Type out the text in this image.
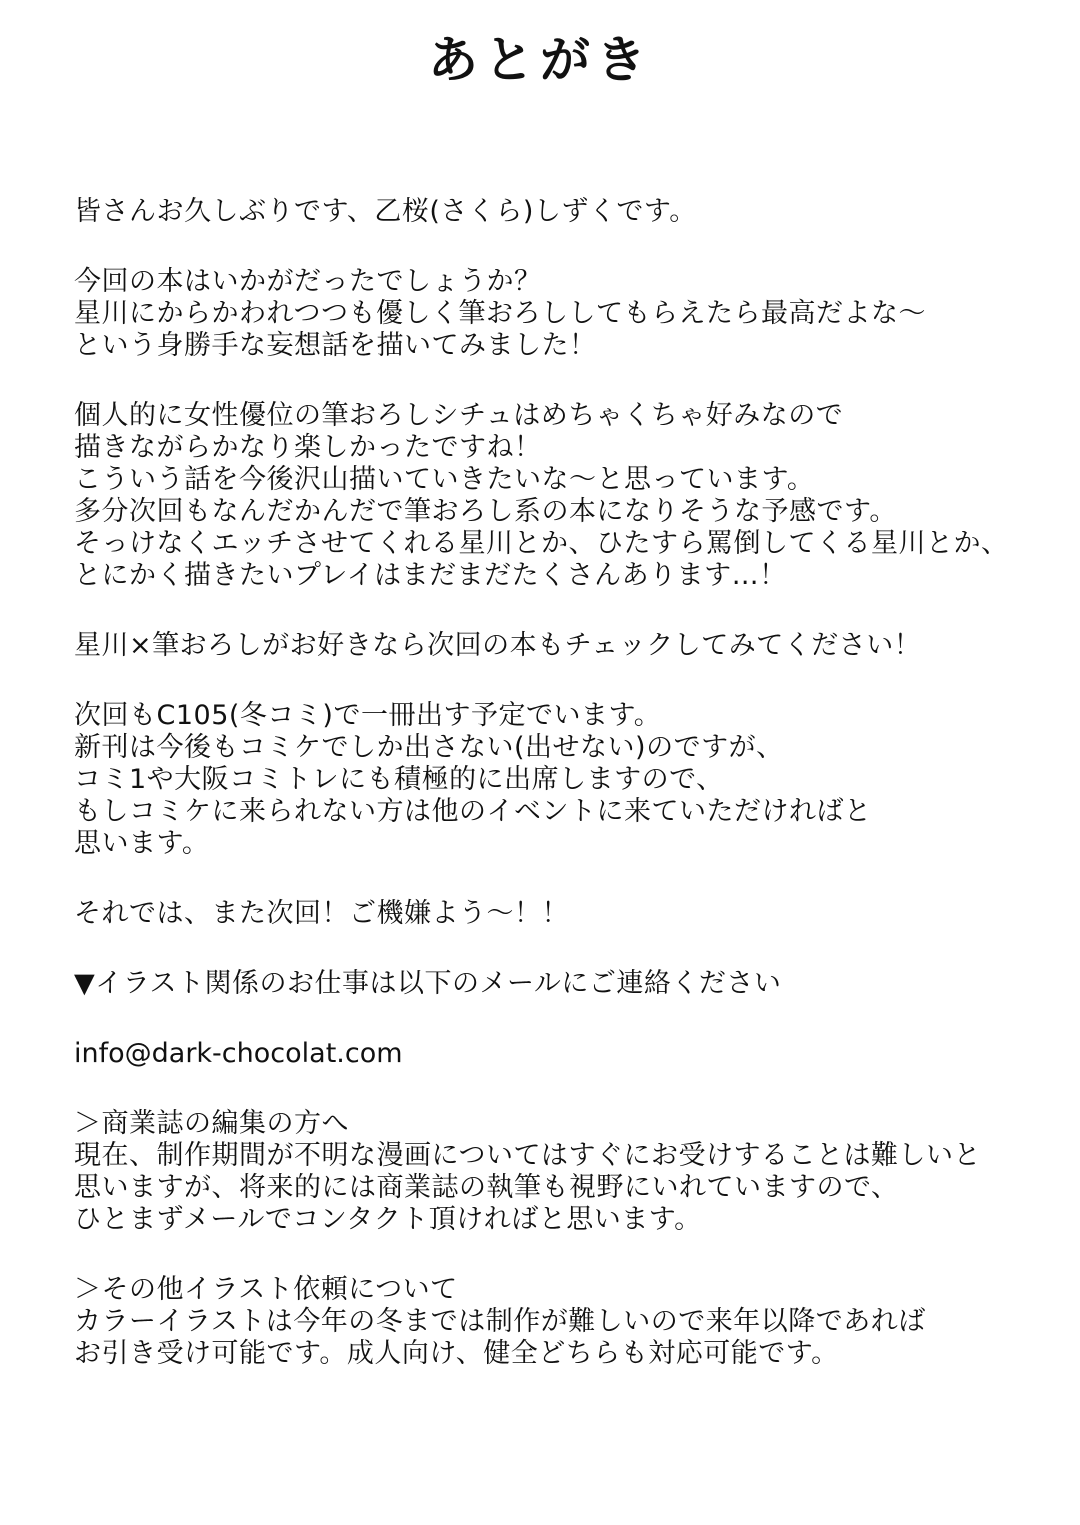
あとがき
皆さんお久しぶりです、乙桜(さくら)しずくです。
今回の本はいかがだったでしょうか？
星川にからかわれつつも優しく筆おろししてもらえたら最高だよな～
という身勝手な妄想話を描いてみました！
個人的に女性優位の筆おろしシチュはめちゃくちゃ好みなので
描きながらかなり楽しかったですね！
こういう話を今後沢山描いていきたいな～と思っています。
多分次回もなんだかんだで筆おろし系の本になりそうな予感です。
そっけなくエッチさせてくれる星川とか、ひたすら罵倒してくる星川とか、
とにかく描きたいプレイはまだまだたくさんあります…！
星川×筆おろしがお好きなら次回の本もチェックしてみてください！
次回もC105(冬コミ)で一冊出す予定でいます。
新刊は今後もコミケでしか出さない(出せない)のですが、
コミ1や大阪コミトレにも積極的に出席しますので、
もしコミケに来られない方は他のイベントに来ていただければと
思います。
それでは、また次回！ご機嫌よう～！！
▼イラスト関係のお仕事は以下のメールにご連絡ください
info@dark-chocolat.com
＞商業誌の編集の方へ
現在、制作期間が不明な漫画についてはすぐにお受けすることは難しいと
思いますが、将来的には商業誌の執筆も視野にいれていますので、
ひとまずメールでコンタクト頂ければと思います。
＞その他イラスト依頼について
カラーイラストは今年の冬までは制作が難しいので来年以降であれば
お引き受け可能です。成人向け、健全どちらも対応可能です。
